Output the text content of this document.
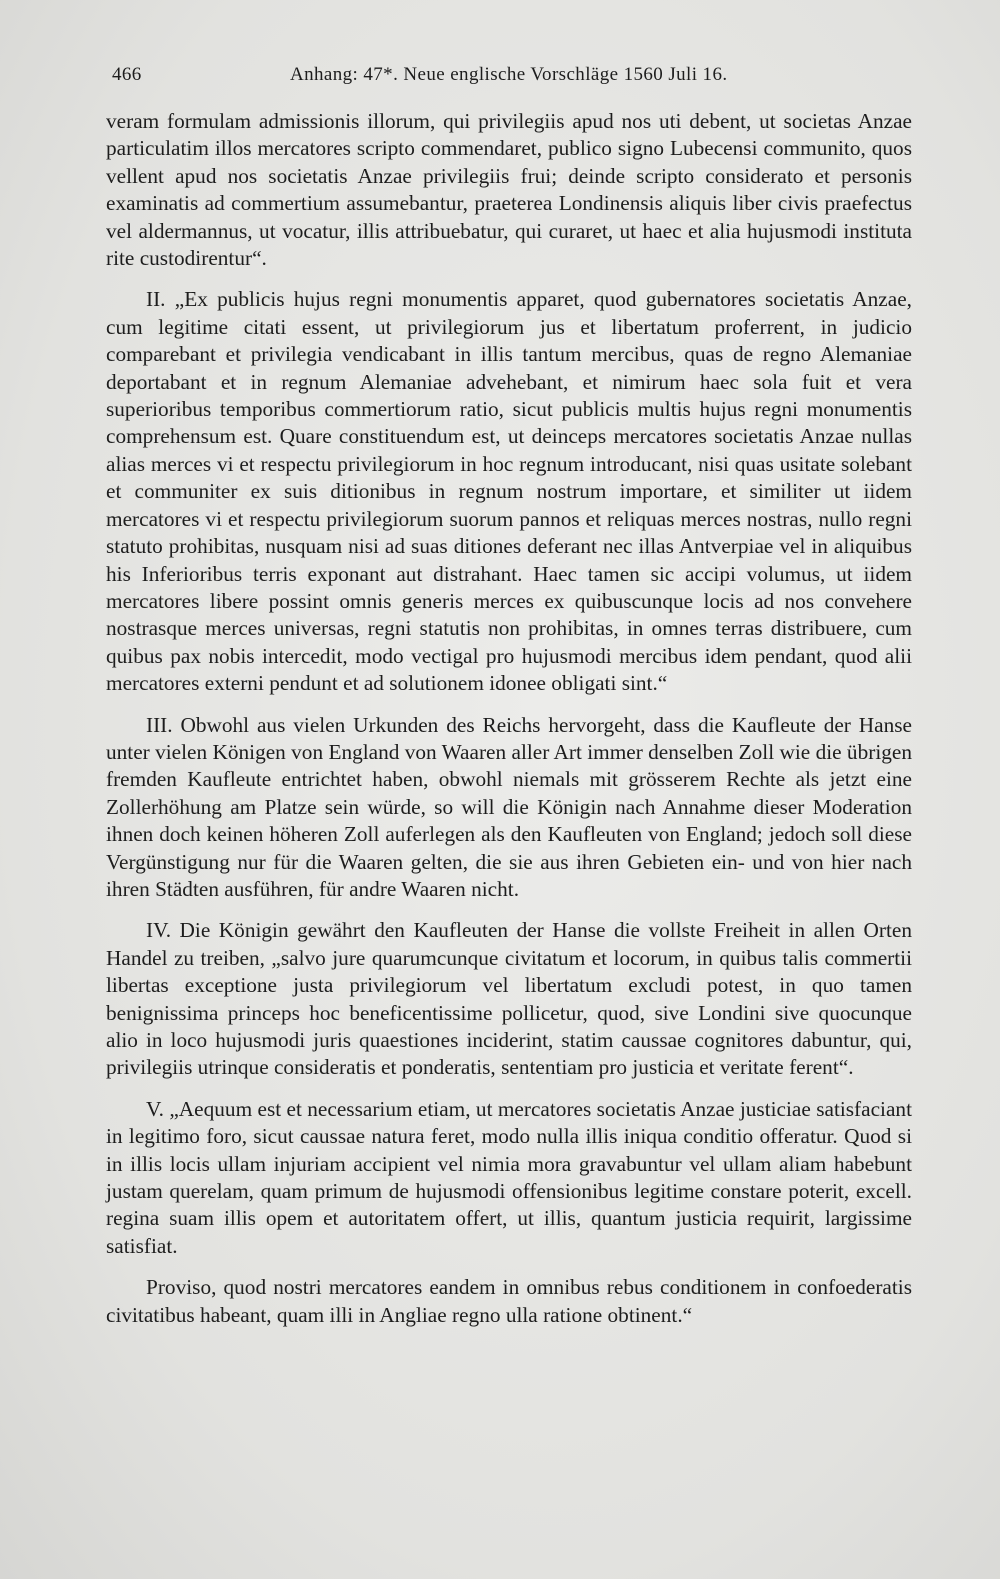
466	Anhang: 47*. Neue englische Vorschläge 1560 Juli 16.

veram formulam admissionis illorum, qui privilegiis apud nos uti debent, ut societas Anzae particulatim illos mercatores scripto commendaret, publico signo Lubecensi communito, quos vellent apud nos societatis Anzae privilegiis frui; deinde scripto considerato et personis examinatis ad commertium assumebantur, praeterea Londinensis aliquis liber civis praefectus vel aldermannus, ut vocatur, illis attribuebatur, qui curaret, ut haec et alia hujusmodi instituta rite custodirentur“.

II. „Ex publicis hujus regni monumentis apparet, quod gubernatores societatis Anzae, cum legitime citati essent, ut privilegiorum jus et libertatum proferrent, in judicio comparebant et privilegia vendicabant in illis tantum mercibus, quas de regno Alemaniae deportabant et in regnum Alemaniae advehebant, et nimirum haec sola fuit et vera superioribus temporibus commertiorum ratio, sicut publicis multis hujus regni monumentis comprehensum est. Quare constituendum est, ut deinceps mercatores societatis Anzae nullas alias merces vi et respectu privilegiorum in hoc regnum introducant, nisi quas usitate solebant et communiter ex suis ditionibus in regnum nostrum importare, et similiter ut iidem mercatores vi et respectu privilegiorum suorum pannos et reliquas merces nostras, nullo regni statuto prohibitas, nusquam nisi ad suas ditiones deferant nec illas Antverpiae vel in aliquibus his Inferioribus terris exponant aut distrahant. Haec tamen sic accipi volumus, ut iidem mercatores libere possint omnis generis merces ex quibuscunque locis ad nos convehere nostrasque merces universas, regni statutis non prohibitas, in omnes terras distribuere, cum quibus pax nobis intercedit, modo vectigal pro hujusmodi mercibus idem pendant, quod alii mercatores externi pendunt et ad solutionem idonee obligati sint.“

III. Obwohl aus vielen Urkunden des Reichs hervorgeht, dass die Kaufleute der Hanse unter vielen Königen von England von Waaren aller Art immer denselben Zoll wie die übrigen fremden Kaufleute entrichtet haben, obwohl niemals mit grösserem Rechte als jetzt eine Zollerhöhung am Platze sein würde, so will die Königin nach Annahme dieser Moderation ihnen doch keinen höheren Zoll auferlegen als den Kaufleuten von England; jedoch soll diese Vergünstigung nur für die Waaren gelten, die sie aus ihren Gebieten ein- und von hier nach ihren Städten ausführen, für andre Waaren nicht.

IV. Die Königin gewährt den Kaufleuten der Hanse die vollste Freiheit in allen Orten Handel zu treiben, „salvo jure quarumcunque civitatum et locorum, in quibus talis commertii libertas exceptione justa privilegiorum vel libertatum excludi potest, in quo tamen benignissima princeps hoc beneficentissime pollicetur, quod, sive Londini sive quocunque alio in loco hujusmodi juris quaestiones inciderint, statim caussae cognitores dabuntur, qui, privilegiis utrinque consideratis et ponderatis, sententiam pro justicia et veritate ferent“.

V. „Aequum est et necessarium etiam, ut mercatores societatis Anzae justiciae satisfaciant in legitimo foro, sicut caussae natura feret, modo nulla illis iniqua conditio offeratur. Quod si in illis locis ullam injuriam accipient vel nimia mora gravabuntur vel ullam aliam habebunt justam querelam, quam primum de hujusmodi offensionibus legitime constare poterit, excell. regina suam illis opem et autoritatem offert, ut illis, quantum justicia requirit, largissime satisfiat.

Proviso, quod nostri mercatores eandem in omnibus rebus conditionem in confoederatis civitatibus habeant, quam illi in Angliae regno ulla ratione obtinent.“
